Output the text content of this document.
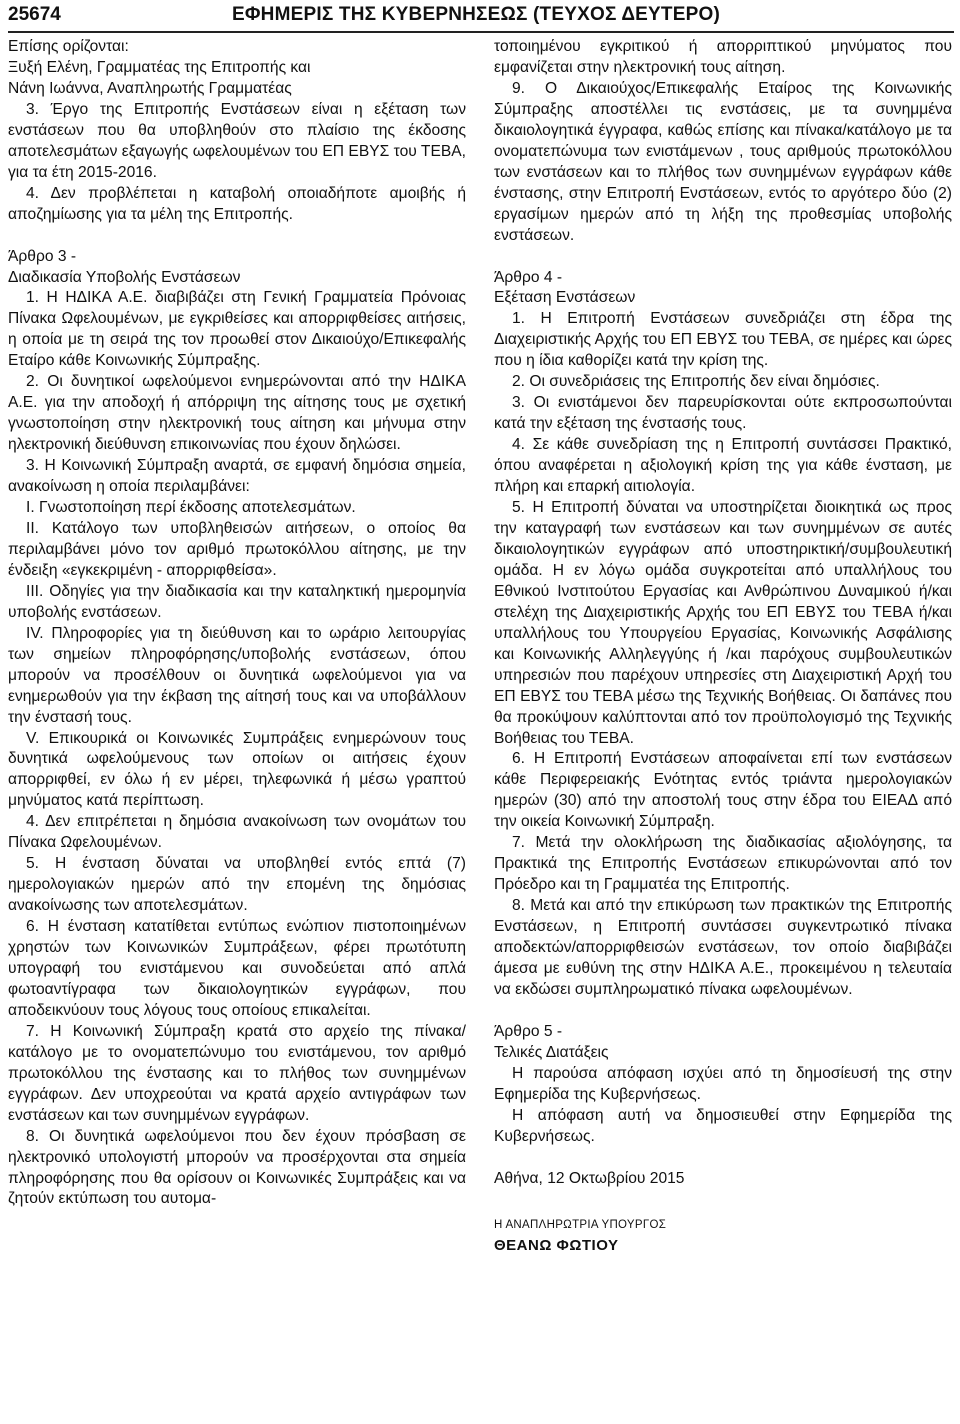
25674	ΕΦΗΜΕΡΙΣ ΤΗΣ ΚΥΒΕΡΝΗΣΕΩΣ (ΤΕΥΧΟΣ ΔΕΥΤΕΡΟ)

Επίσης ορίζονται:

Ξυξή Ελένη, Γραμματέας της Επιτροπής και

Νάνη Ιωάννα, Αναπληρωτής Γραμματέας

3. Έργο της Επιτροπής Ενστάσεων είναι η εξέταση των ενστάσεων που θα υποβληθούν στο πλαίσιο της έκδοσης αποτελεσμάτων εξαγωγής ωφελουμένων του ΕΠ ΕΒΥΣ του ΤΕΒΑ, για τα έτη 2015-2016.

4. Δεν προβλέπεται η καταβολή οποιαδήποτε αμοιβής ή αποζημίωσης για τα μέλη της Επιτροπής.

Άρθρο 3 -

Διαδικασία Υποβολής Ενστάσεων

1. Η ΗΔΙΚΑ Α.Ε. διαβιβάζει στη Γενική Γραμματεία Πρόνοιας Πίνακα Ωφελουμένων, με εγκριθείσες και απορριφθείσες αιτήσεις, η οποία με τη σειρά της τον προωθεί στον Δικαιούχο/Επικεφαλής Εταίρο κάθε Κοινωνικής Σύμπραξης.

2. Οι δυνητικοί ωφελούμενοι ενημερώνονται από την ΗΔΙΚΑ Α.Ε. για την αποδοχή ή απόρριψη της αίτησης τους με σχετική γνωστοποίηση στην ηλεκτρονική τους αίτηση και μήνυμα στην ηλεκτρονική διεύθυνση επικοινωνίας που έχουν δηλώσει.

3. Η Κοινωνική Σύμπραξη αναρτά, σε εμφανή δημόσια σημεία, ανακοίνωση η οποία περιλαμβάνει:

Ι. Γνωστοποίηση περί έκδοσης αποτελεσμάτων.

ΙΙ. Κατάλογο των υποβληθεισών αιτήσεων, ο οποίος θα περιλαμβάνει μόνο τον αριθμό πρωτοκόλλου αίτησης, με την ένδειξη «εγκεκριμένη - απορριφθείσα».

ΙΙΙ. Οδηγίες για την διαδικασία και την καταληκτική ημερομηνία υποβολής ενστάσεων.

IV. Πληροφορίες για τη διεύθυνση και το ωράριο λειτουργίας των σημείων πληροφόρησης/υποβολής ενστάσεων, όπου μπορούν να προσέλθουν οι δυνητικά ωφελούμενοι για να ενημερωθούν για την έκβαση της αίτησή τους και να υποβάλλουν την ένστασή τους.

V. Επικουρικά οι Κοινωνικές Συμπράξεις ενημερώνουν τους δυνητικά ωφελούμενους των οποίων οι αιτήσεις έχουν απορριφθεί, εν όλω ή εν μέρει, τηλεφωνικά ή μέσω γραπτού μηνύματος κατά περίπτωση.

4. Δεν επιτρέπεται η δημόσια ανακοίνωση των ονομάτων του Πίνακα Ωφελουμένων.

5. Η ένσταση δύναται να υποβληθεί εντός επτά (7) ημερολογιακών ημερών από την επομένη της δημόσιας ανακοίνωσης των αποτελεσμάτων.

6. Η ένσταση κατατίθεται εντύπως ενώπιον πιστοποιημένων χρηστών των Κοινωνικών Συμπράξεων, φέρει πρωτότυπη υπογραφή του ενιστάμενου και συνοδεύεται από απλά φωτοαντίγραφα των δικαιολογητικών εγγράφων, που αποδεικνύουν τους λόγους τους οποίους επικαλείται.

7. Η Κοινωνική Σύμπραξη κρατά στο αρχείο της πίνακα/κατάλογο με το ονοματεπώνυμο του ενιστάμενου, τον αριθμό πρωτοκόλλου της ένστασης και το πλήθος των συνημμένων εγγράφων. Δεν υποχρεούται να κρατά αρχείο αντιγράφων των ενστάσεων και των συνημμένων εγγράφων.

8. Οι δυνητικά ωφελούμενοι που δεν έχουν πρόσβαση σε ηλεκτρονικό υπολογιστή μπορούν να προσέρχονται στα σημεία πληροφόρησης που θα ορίσουν οι Κοινωνικές Συμπράξεις και να ζητούν εκτύπωση του αυτομα-

τοποιημένου εγκριτικού ή απορριπτικού μηνύματος που εμφανίζεται στην ηλεκτρονική τους αίτηση.

9. Ο Δικαιούχος/Επικεφαλής Εταίρος της Κοινωνικής Σύμπραξης αποστέλλει τις ενστάσεις, με τα συνημμένα δικαιολογητικά έγγραφα, καθώς επίσης και πίνακα/κατάλογο με τα ονοματεπώνυμα των ενιστάμενων , τους αριθμούς πρωτοκόλλου των ενστάσεων και το πλήθος των συνημμένων εγγράφων κάθε ένστασης, στην Επιτροπή Ενστάσεων, εντός το αργότερο δύο (2) εργασίμων ημερών από τη λήξη της προθεσμίας υποβολής ενστάσεων.

Άρθρο 4 -

Εξέταση Ενστάσεων

1. Η Επιτροπή Ενστάσεων συνεδριάζει στη έδρα της Διαχειριστικής Αρχής του ΕΠ ΕΒΥΣ του ΤΕΒΑ, σε ημέρες και ώρες που η ίδια καθορίζει κατά την κρίση της.

2. Οι συνεδριάσεις της Επιτροπής δεν είναι δημόσιες.

3. Οι ενιστάμενοι δεν παρευρίσκονται ούτε εκπροσωπούνται κατά την εξέταση της ένστασής τους.

4. Σε κάθε συνεδρίαση της η Επιτροπή συντάσσει Πρακτικό, όπου αναφέρεται η αξιολογική κρίση της για κάθε ένσταση, με πλήρη και επαρκή αιτιολογία.

5. Η Επιτροπή δύναται να υποστηρίζεται διοικητικά ως προς την καταγραφή των ενστάσεων και των συνημμένων σε αυτές δικαιολογητικών εγγράφων από υποστηρικτική/συμβουλευτική ομάδα. Η εν λόγω ομάδα συγκροτείται από υπαλλήλους του Εθνικού Ινστιτούτου Εργασίας και Ανθρώπινου Δυναμικού ή/και στελέχη της Διαχειριστικής Αρχής του ΕΠ ΕΒΥΣ του ΤΕΒΑ ή/και υπαλλήλους του Υπουργείου Εργασίας, Κοινωνικής Ασφάλισης και Κοινωνικής Αλληλεγγύης ή /και παρόχους συμβουλευτικών υπηρεσιών που παρέχουν υπηρεσίες στη Διαχειριστική Αρχή του ΕΠ ΕΒΥΣ του ΤΕΒΑ μέσω της Τεχνικής Βοήθειας. Οι δαπάνες που θα προκύψουν καλύπτονται από τον προϋπολογισμό της Τεχνικής Βοήθειας του ΤΕΒΑ.

6. Η Επιτροπή Ενστάσεων αποφαίνεται επί των ενστάσεων κάθε Περιφερειακής Ενότητας εντός τριάντα ημερολογιακών ημερών (30) από την αποστολή τους στην έδρα του ΕΙΕΑΔ από την οικεία Κοινωνική Σύμπραξη.

7. Μετά την ολοκλήρωση της διαδικασίας αξιολόγησης, τα Πρακτικά της Επιτροπής Ενστάσεων επικυρώνονται από τον Πρόεδρο και τη Γραμματέα της Επιτροπής.

8. Μετά και από την επικύρωση των πρακτικών της Επιτροπής Ενστάσεων, η Επιτροπή συντάσσει συγκεντρωτικό πίνακα αποδεκτών/απορριφθεισών ενστάσεων, τον οποίο διαβιβάζει άμεσα με ευθύνη της στην ΗΔΙΚΑ Α.Ε., προκειμένου η τελευταία να εκδώσει συμπληρωματικό πίνακα ωφελουμένων.

Άρθρο 5 -

Τελικές Διατάξεις

Η παρούσα απόφαση ισχύει από τη δημοσίευσή της στην Εφημερίδα της Κυβερνήσεως.

Η απόφαση αυτή να δημοσιευθεί στην Εφημερίδα της Κυβερνήσεως.

Αθήνα, 12 Οκτωβρίου 2015

Η ΑΝΑΠΛΗΡΩΤΡΙΑ ΥΠΟΥΡΓΟΣ

ΘΕΑΝΩ ΦΩΤΙΟΥ
